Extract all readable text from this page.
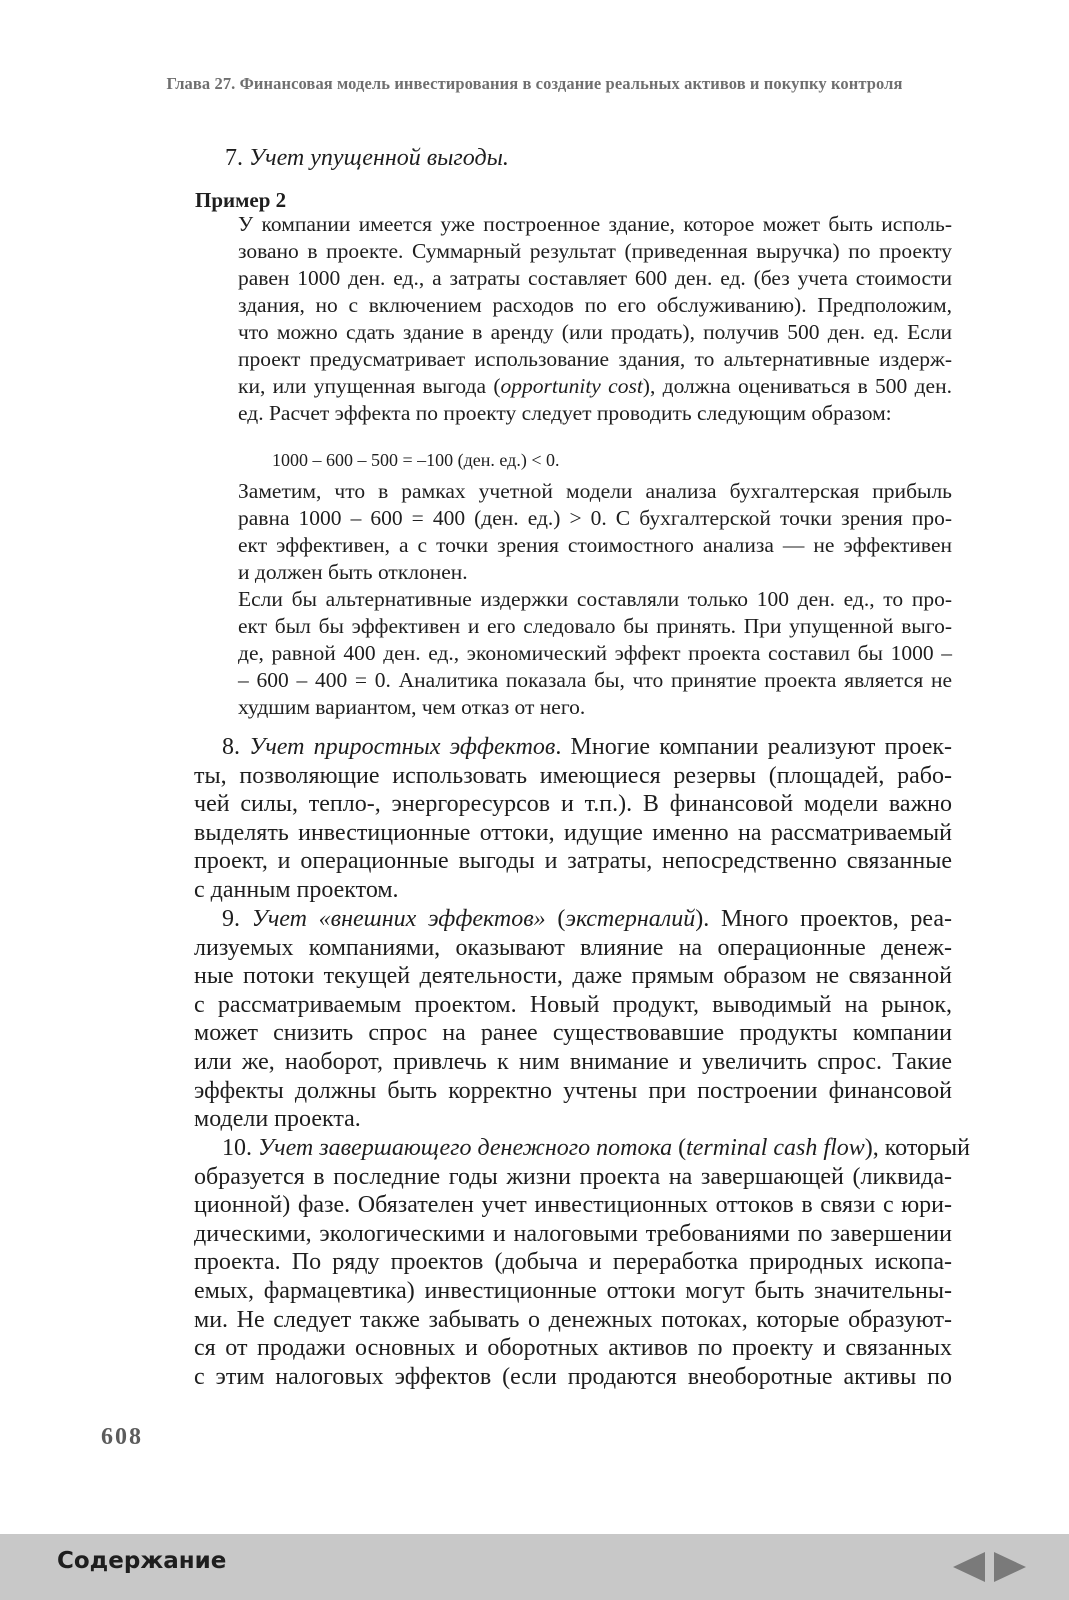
Глава 27. Финансовая модель инвестирования в создание реальных активов и покупку контроля
7. Учет упущенной выгоды.
Пример 2
У компании имеется уже построенное здание, которое может быть исполь-
зовано в проекте. Суммарный результат (приведенная выручка) по проекту
равен 1000 ден. ед., а затраты составляет 600 ден. ед. (без учета стоимости
здания, но с включением расходов по его обслуживанию). Предположим,
что можно сдать здание в аренду (или продать), получив 500 ден. ед. Если
проект предусматривает использование здания, то альтернативные издерж-
ки, или упущенная выгода (opportunity cost), должна оцениваться в 500 ден.
ед. Расчет эффекта по проекту следует проводить следующим образом:
1000 – 600 – 500 = –100 (ден. ед.) < 0.
Заметим, что в рамках учетной модели анализа бухгалтерская прибыль
равна 1000 – 600 = 400 (ден. ед.) > 0. С бухгалтерской точки зрения про-
ект эффективен, а с точки зрения стоимостного анализа — не эффективен
и должен быть отклонен.
Если бы альтернативные издержки составляли только 100 ден. ед., то про-
ект был бы эффективен и его следовало бы принять. При упущенной выго-
де, равной 400 ден. ед., экономический эффект проекта составил бы 1000 –
– 600 – 400 = 0. Аналитика показала бы, что принятие проекта является не
худшим вариантом, чем отказ от него.
8. Учет приростных эффектов. Многие компании реализуют проек-
ты, позволяющие использовать имеющиеся резервы (площадей, рабо-
чей силы, тепло-, энергоресурсов и т.п.). В финансовой модели важно
выделять инвестиционные оттоки, идущие именно на рассматриваемый
проект, и операционные выгоды и затраты, непосредственно связанные
с данным проектом.
9. Учет «внешних эффектов» (экстерналий). Много проектов, реа-
лизуемых компаниями, оказывают влияние на операционные денеж-
ные потоки текущей деятельности, даже прямым образом не связанной
с рассматриваемым проектом. Новый продукт, выводимый на рынок,
может снизить спрос на ранее существовавшие продукты компании
или же, наоборот, привлечь к ним внимание и увеличить спрос. Такие
эффекты должны быть корректно учтены при построении финансовой
модели проекта.
10. Учет завершающего денежного потока (terminal cash flow), который
образуется в последние годы жизни проекта на завершающей (ликвида-
ционной) фазе. Обязателен учет инвестиционных оттоков в связи с юри-
дическими, экологическими и налоговыми требованиями по завершении
проекта. По ряду проектов (добыча и переработка природных ископа-
емых, фармацевтика) инвестиционные оттоки могут быть значительны-
ми. Не следует также забывать о денежных потоках, которые образуют-
ся от продажи основных и оборотных активов по проекту и связанных
с этим налоговых эффектов (если продаются внеоборотные активы по
608
Содержание
